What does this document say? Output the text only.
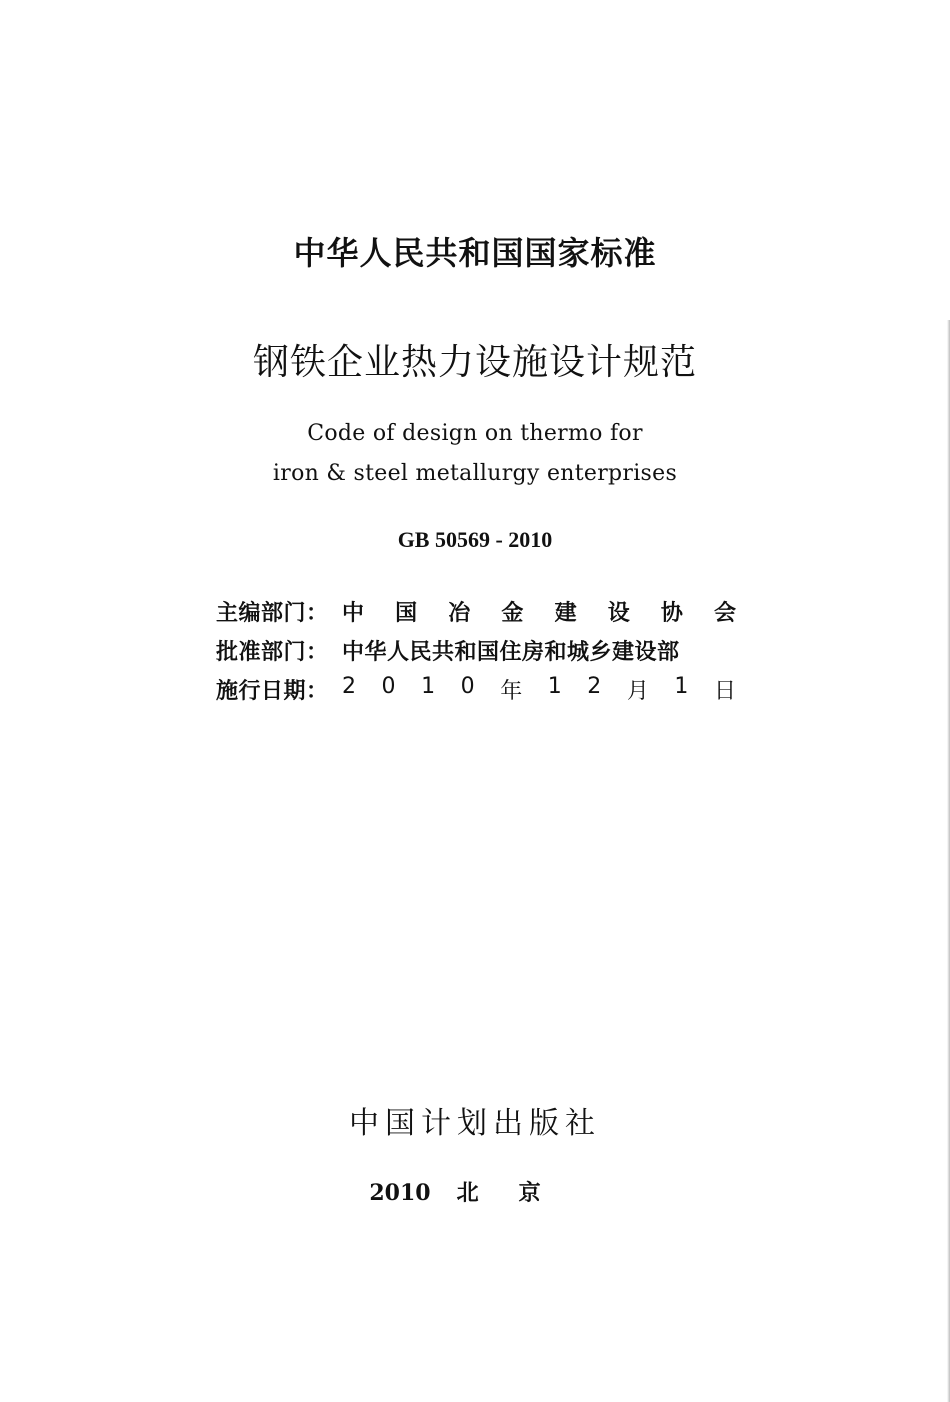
中华人民共和国国家标准
钢铁企业热力设施设计规范
Code of design on thermo for
iron & steel metallurgy enterprises
GB 50569 - 2010
主编部门： 中 国 冶 金 建 设 协 会
批准部门： 中华人民共和国住房和城乡建设部
施行日期： 2 0 1 0 年 1 2 月 1 日
中国计划出版社
2010 北京
